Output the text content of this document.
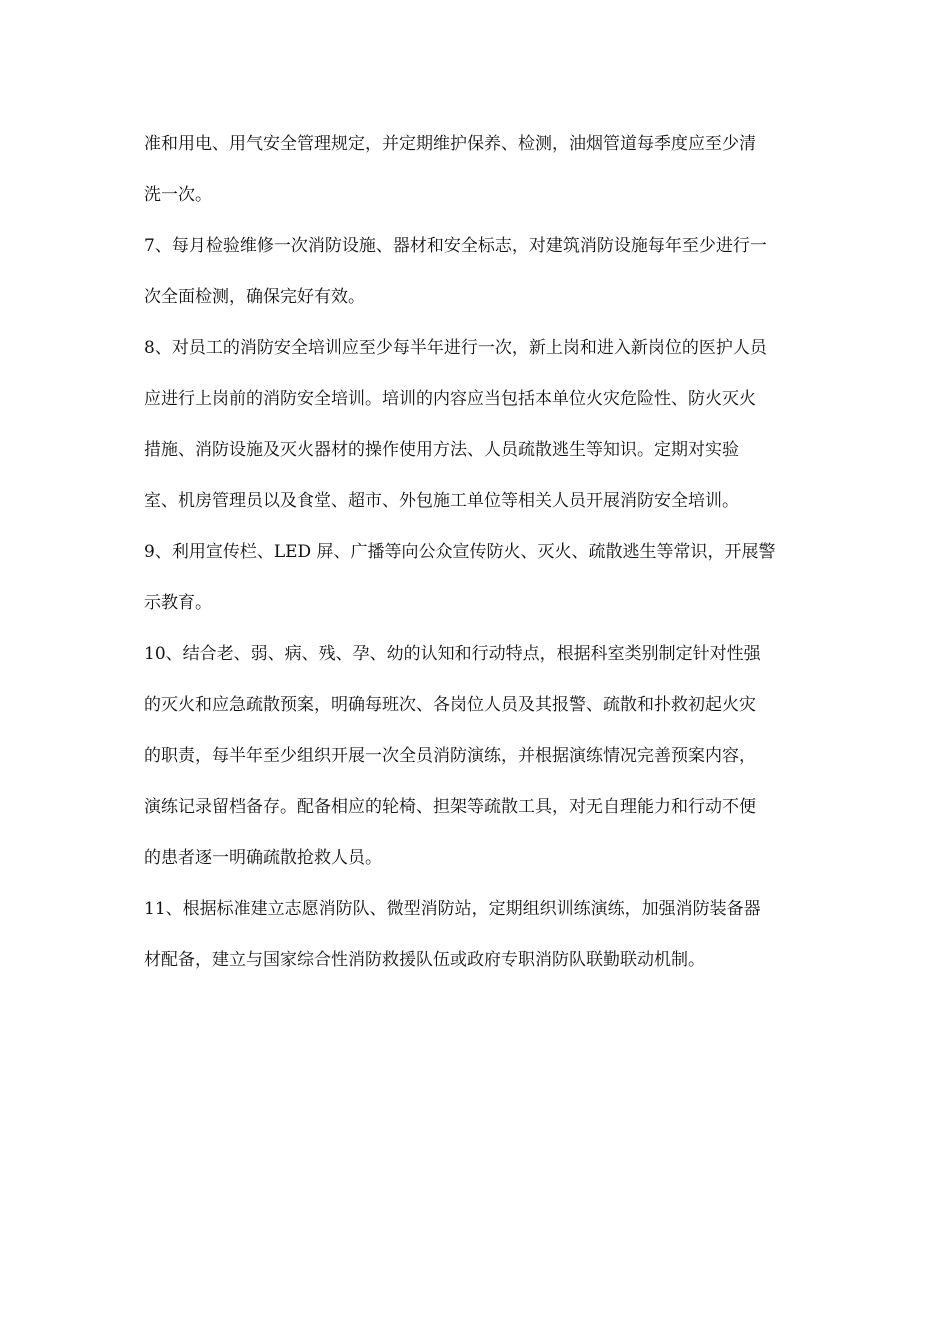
准和用电、用气安全管理规定，并定期维护保养、检测，油烟管道每季度应至少清
洗一次。
7、每月检验维修一次消防设施、器材和安全标志，对建筑消防设施每年至少进行一
次全面检测，确保完好有效。
8、对员工的消防安全培训应至少每半年进行一次，新上岗和进入新岗位的医护人员
应进行上岗前的消防安全培训。培训的内容应当包括本单位火灾危险性、防火灭火
措施、消防设施及灭火器材的操作使用方法、人员疏散逃生等知识。定期对实验
室、机房管理员以及食堂、超市、外包施工单位等相关人员开展消防安全培训。
9、利用宣传栏、LED 屏、广播等向公众宣传防火、灭火、疏散逃生等常识，开展警
示教育。
10、结合老、弱、病、残、孕、幼的认知和行动特点，根据科室类别制定针对性强
的灭火和应急疏散预案，明确每班次、各岗位人员及其报警、疏散和扑救初起火灾
的职责，每半年至少组织开展一次全员消防演练，并根据演练情况完善预案内容，
演练记录留档备存。配备相应的轮椅、担架等疏散工具，对无自理能力和行动不便
的患者逐一明确疏散抢救人员。
11、根据标准建立志愿消防队、微型消防站，定期组织训练演练，加强消防装备器
材配备，建立与国家综合性消防救援队伍或政府专职消防队联勤联动机制。
